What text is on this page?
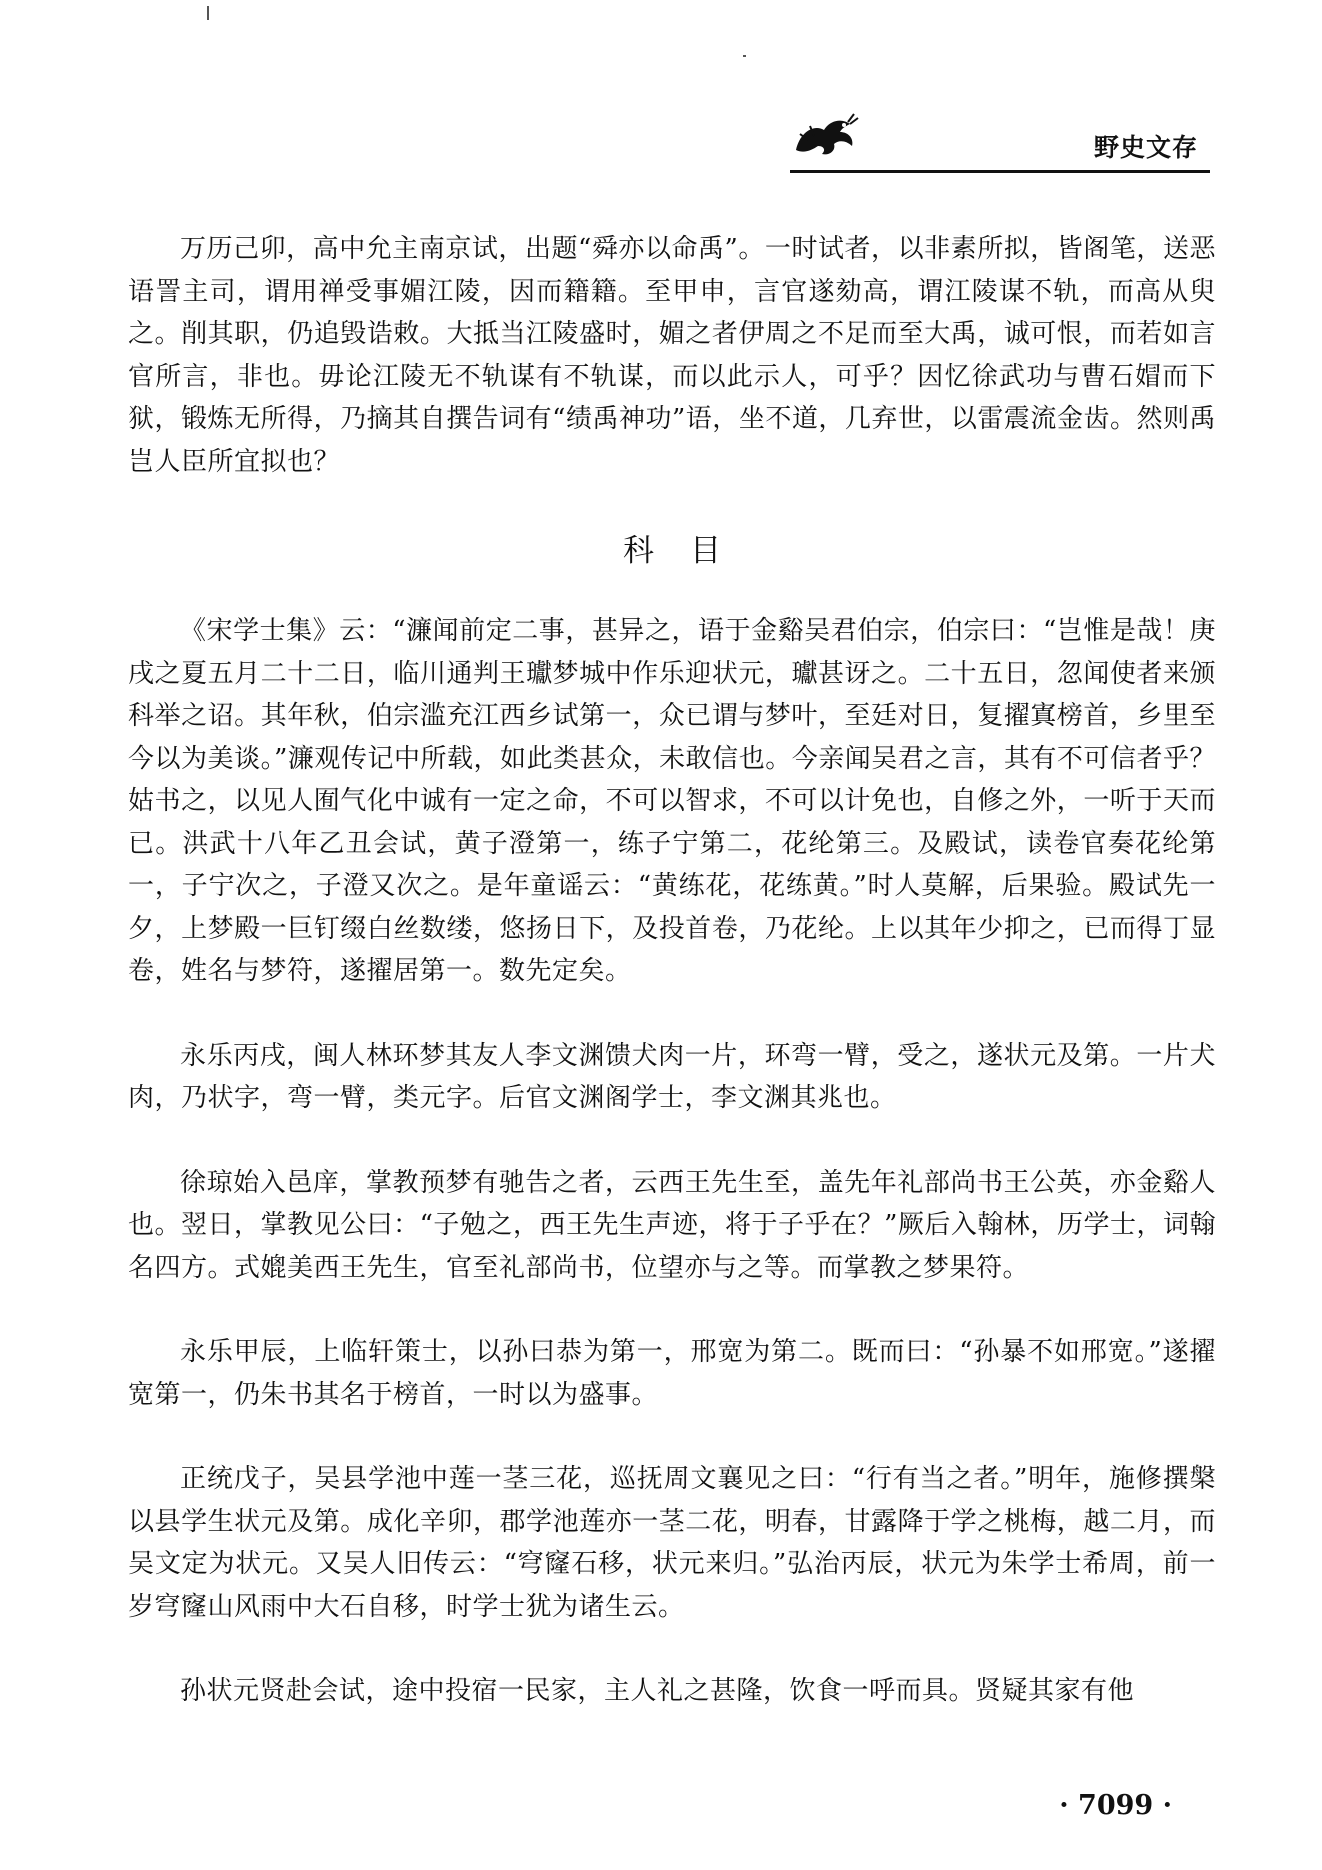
野史文存

万历己卯，高中允主南京试，出题“舜亦以命禹”。一时试者，以非素所拟，皆阁笔，送恶语詈主司，谓用禅受事媚江陵，因而籍籍。至甲申，言官遂劾高，谓江陵谋不轨，而高从臾之。削其职，仍追毁诰敕。大抵当江陵盛时，媚之者伊周之不足而至大禹，诚可恨，而若如言官所言，非也。毋论江陵无不轨谋有不轨谋，而以此示人，可乎？因忆徐武功与曹石媢而下狱，锻炼无所得，乃摘其自撰告词有“绩禹神功”语，坐不道，几弃世，以雷震流金齿。然则禹岂人臣所宜拟也？

科目

《宋学士集》云：“濂闻前定二事，甚异之，语于金谿吴君伯宗，伯宗曰：“岂惟是哉！庚戌之夏五月二十二日，临川通判王瓛梦城中作乐迎状元，瓛甚讶之。二十五日，忽闻使者来颁科举之诏。其年秋，伯宗滥充江西乡试第一，众已谓与梦叶，至廷对日，复擢寘榜首，乡里至今以为美谈。”濂观传记中所载，如此类甚众，未敢信也。今亲闻吴君之言，其有不可信者乎？姑书之，以见人囿气化中诚有一定之命，不可以智求，不可以计免也，自修之外，一听于天而已。洪武十八年乙丑会试，黄子澄第一，练子宁第二，花纶第三。及殿试，读卷官奏花纶第一，子宁次之，子澄又次之。是年童谣云：“黄练花，花练黄。”时人莫解，后果验。殿试先一夕，上梦殿一巨钉缀白丝数缕，悠扬日下，及投首卷，乃花纶。上以其年少抑之，已而得丁显卷，姓名与梦符，遂擢居第一。数先定矣。

永乐丙戌，闽人林环梦其友人李文渊馈犬肉一片，环弯一臂，受之，遂状元及第。一片犬肉，乃状字，弯一臂，类元字。后官文渊阁学士，李文渊其兆也。

徐琼始入邑庠，掌教预梦有驰告之者，云西王先生至，盖先年礼部尚书王公英，亦金谿人也。翌日，掌教见公曰：“子勉之，西王先生声迹，将于子乎在？”厥后入翰林，历学士，词翰名四方。式媲美西王先生，官至礼部尚书，位望亦与之等。而掌教之梦果符。

永乐甲辰，上临轩策士，以孙曰恭为第一，邢宽为第二。既而曰：“孙暴不如邢宽。”遂擢宽第一，仍朱书其名于榜首，一时以为盛事。

正统戊子，吴县学池中莲一茎三花，巡抚周文襄见之曰：“行有当之者。”明年，施修撰槃以县学生状元及第。成化辛卯，郡学池莲亦一茎二花，明春，甘露降于学之桃梅，越二月，而吴文定为状元。又吴人旧传云：“穹窿石移，状元来归。”弘治丙辰，状元为朱学士希周，前一岁穹窿山风雨中大石自移，时学士犹为诸生云。

孙状元贤赴会试，途中投宿一民家，主人礼之甚隆，饮食一呼而具。贤疑其家有他

· 7099 ·
